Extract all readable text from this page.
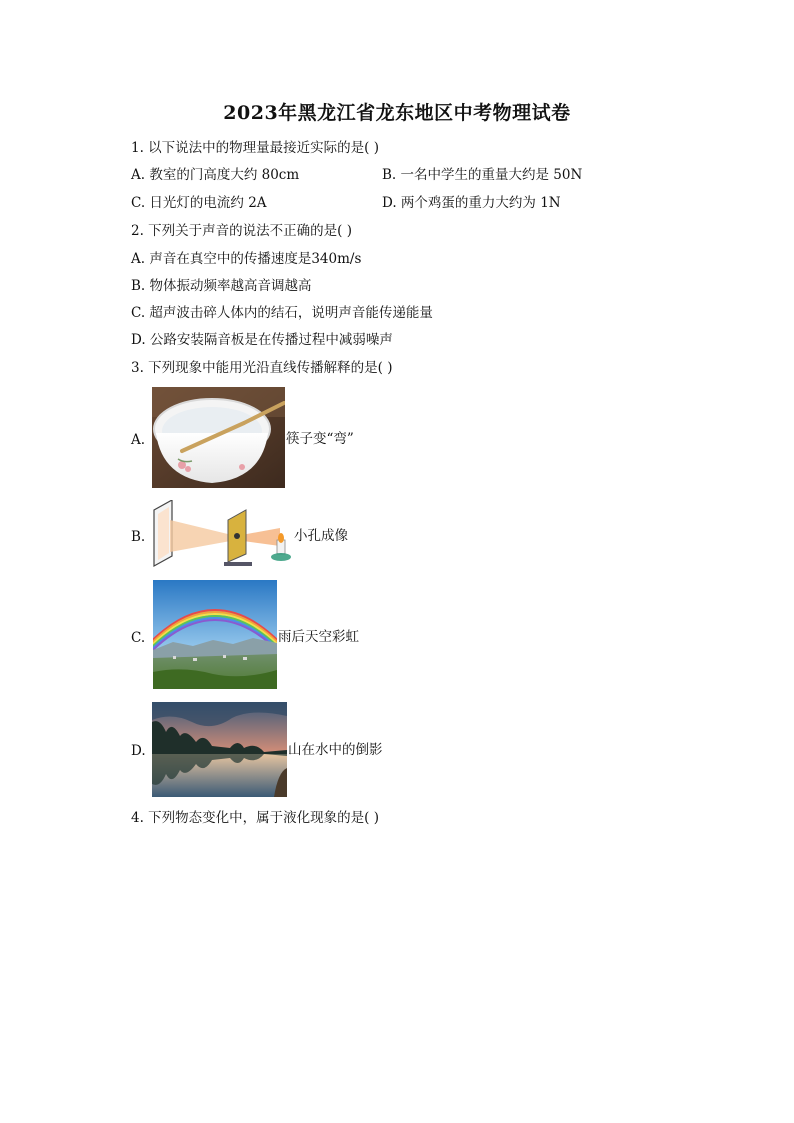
2023年黑龙江省龙东地区中考物理试卷
1. 以下说法中的物理量最接近实际的是( )
A. 教室的门高度大约 80cm	B. 一名中学生的重量大约是 50N
C. 日光灯的电流约 2A	D. 两个鸡蛋的重力大约为 1N
2. 下列关于声音的说法不正确的是( )
A. 声音在真空中的传播速度是340m/s
B. 物体振动频率越高音调越高
C. 超声波击碎人体内的结石，说明声音能传递能量
D. 公路安装隔音板是在传播过程中减弱噪声
3. 下列现象中能用光沿直线传播解释的是( )
A.	筷子变“弯”
B.	小孔成像
C.	雨后天空彩虹
D.	山在水中的倒影
4. 下列物态变化中，属于液化现象的是( )
